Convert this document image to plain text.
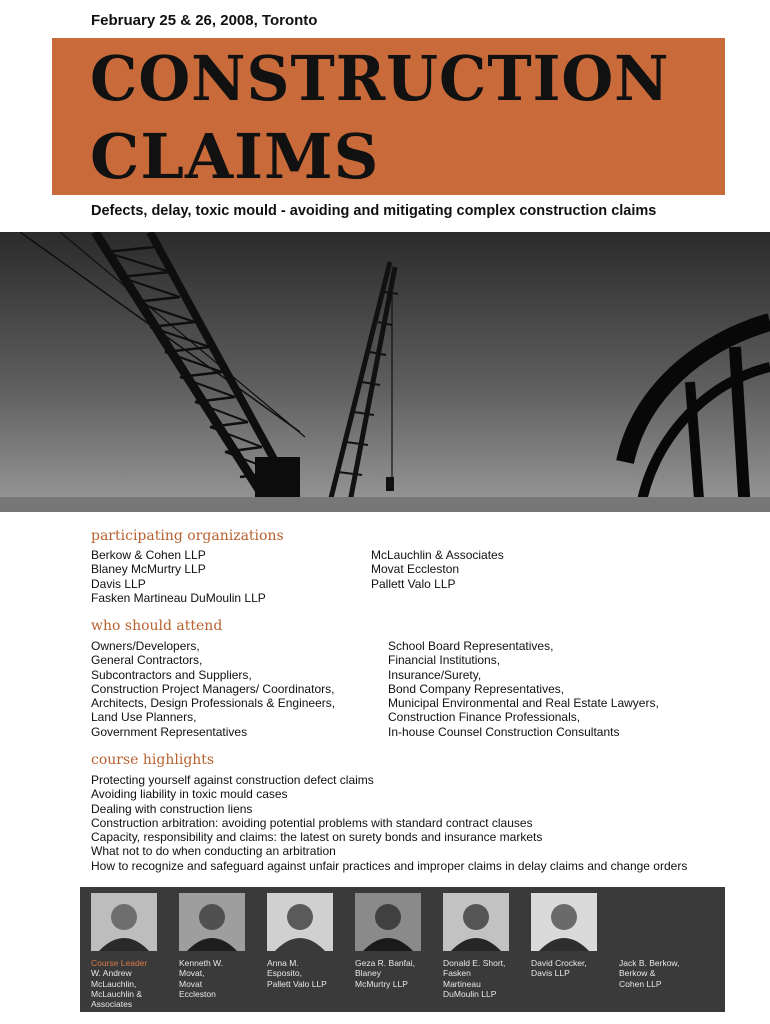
February 25 & 26, 2008, Toronto
CONSTRUCTION
CLAIMS
Defects, delay, toxic mould - avoiding and mitigating complex construction claims
participating organizations
Berkow & Cohen LLP
Blaney McMurtry LLP
Davis LLP
Fasken Martineau DuMoulin LLP
McLauchlin & Associates
Movat Eccleston
Pallett Valo LLP
who should attend
Owners/Developers,
General Contractors,
Subcontractors and Suppliers,
Construction Project Managers/ Coordinators,
Architects, Design Professionals & Engineers,
Land Use Planners,
Government Representatives
School Board Representatives,
Financial Institutions,
Insurance/Surety,
Bond Company Representatives,
Municipal Environmental and Real Estate Lawyers,
Construction Finance Professionals,
In-house Counsel Construction Consultants
course highlights
Protecting yourself against construction defect claims
Avoiding liability in toxic mould cases
Dealing with construction liens
Construction arbitration: avoiding potential problems with standard contract clauses
Capacity, responsibility and claims: the latest on surety bonds and insurance markets
What not to do when conducting an arbitration
How to recognize and safeguard against unfair practices and improper claims in delay claims and change orders
Course Leader
W. Andrew
McLauchlin,
McLauchlin &
Associates
Kenneth W.
Movat,
Movat
Eccleston
Anna M.
Esposito,
Pallett Valo LLP
Geza R. Banfai,
Blaney
McMurtry LLP
Donald E. Short,
Fasken
Martineau
DuMoulin LLP
David Crocker,
Davis LLP
Jack B. Berkow,
Berkow &
Cohen LLP
